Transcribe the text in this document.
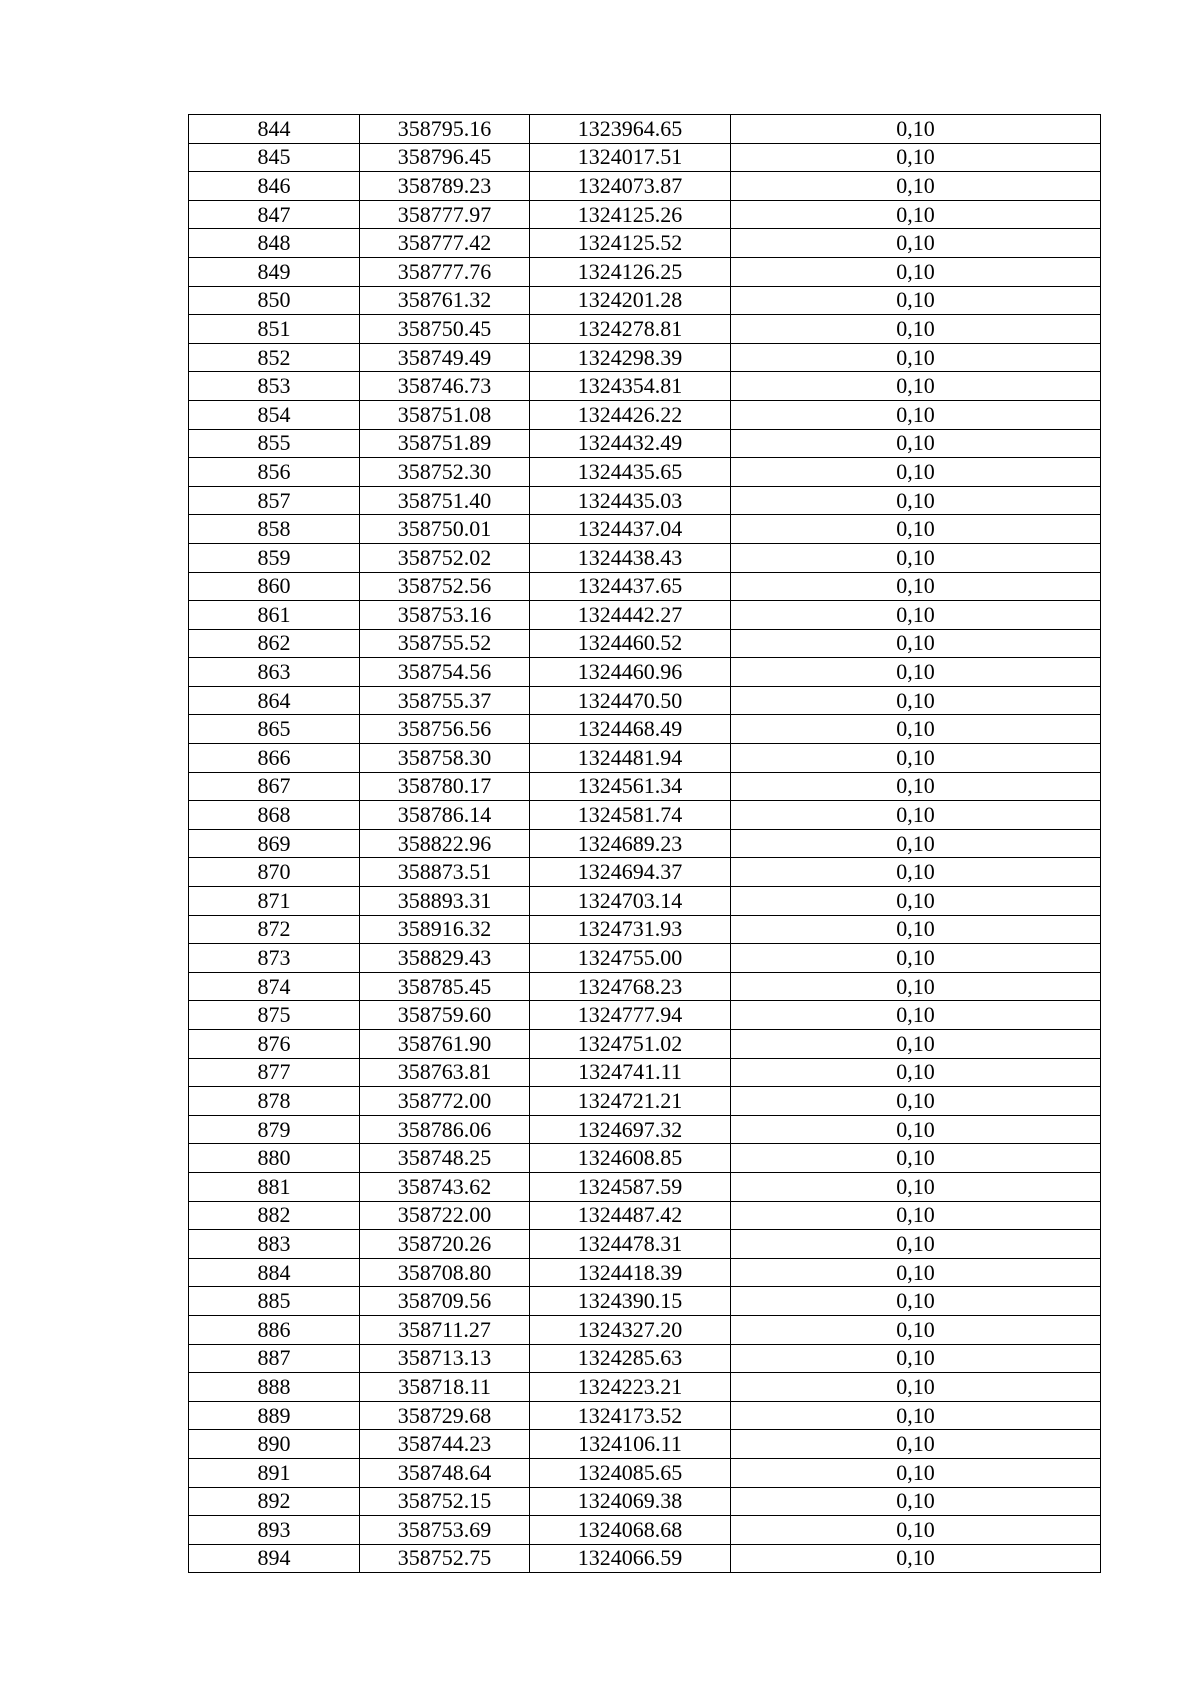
844	358795.16	1323964.65	0,10
845	358796.45	1324017.51	0,10
846	358789.23	1324073.87	0,10
847	358777.97	1324125.26	0,10
848	358777.42	1324125.52	0,10
849	358777.76	1324126.25	0,10
850	358761.32	1324201.28	0,10
851	358750.45	1324278.81	0,10
852	358749.49	1324298.39	0,10
853	358746.73	1324354.81	0,10
854	358751.08	1324426.22	0,10
855	358751.89	1324432.49	0,10
856	358752.30	1324435.65	0,10
857	358751.40	1324435.03	0,10
858	358750.01	1324437.04	0,10
859	358752.02	1324438.43	0,10
860	358752.56	1324437.65	0,10
861	358753.16	1324442.27	0,10
862	358755.52	1324460.52	0,10
863	358754.56	1324460.96	0,10
864	358755.37	1324470.50	0,10
865	358756.56	1324468.49	0,10
866	358758.30	1324481.94	0,10
867	358780.17	1324561.34	0,10
868	358786.14	1324581.74	0,10
869	358822.96	1324689.23	0,10
870	358873.51	1324694.37	0,10
871	358893.31	1324703.14	0,10
872	358916.32	1324731.93	0,10
873	358829.43	1324755.00	0,10
874	358785.45	1324768.23	0,10
875	358759.60	1324777.94	0,10
876	358761.90	1324751.02	0,10
877	358763.81	1324741.11	0,10
878	358772.00	1324721.21	0,10
879	358786.06	1324697.32	0,10
880	358748.25	1324608.85	0,10
881	358743.62	1324587.59	0,10
882	358722.00	1324487.42	0,10
883	358720.26	1324478.31	0,10
884	358708.80	1324418.39	0,10
885	358709.56	1324390.15	0,10
886	358711.27	1324327.20	0,10
887	358713.13	1324285.63	0,10
888	358718.11	1324223.21	0,10
889	358729.68	1324173.52	0,10
890	358744.23	1324106.11	0,10
891	358748.64	1324085.65	0,10
892	358752.15	1324069.38	0,10
893	358753.69	1324068.68	0,10
894	358752.75	1324066.59	0,10
